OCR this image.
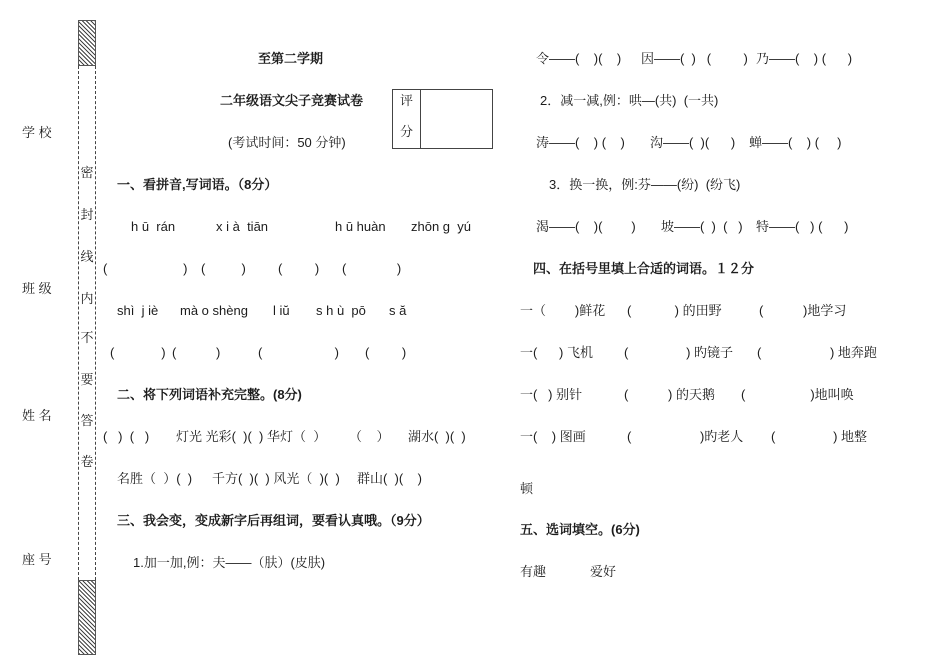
学 校
班 级
姓 名
座 号
密
封
线
内
不
要
答
卷
至第二学期
二年级语文尖子竞赛试卷	评
分
(考试时间：50 分钟)
一、看拼音,写词语。（8分）
h ū  rán	x i à  tiān	h ū huàn zhōn g  yú
(                     ) (          ) (         ) (              )
shì  j iè mà o shèng l iŭ s h ù  pō s ă
(             ) (           )	(                    ) (         )
二、将下列词语补充完整。(8分)
(   )  (   ) 灯光 光彩(  )(  ) 华灯（  ） （    ） 湖水(  )(  )
名胜（  ）(  ) 千方(  )(  ) 风光（  )(  ) 群山(  )(    )
三、我会变，变成新字后再组词，要看认真哦。（9分）
1.加一加,例：夫——（肤）(皮肤)
令——(    )(    ) 因——(  )   (         ) 乃——(    ) (      )
2．减一减,例：哄—(共)  (一共)
涛——(    ) (    ) 沟——(  )(      ) 蝉——(    ) (     )
3．换一换，例:芬——(纷)  (纷飞)
渴——(    )(        ) 坡——(  )  (   ) 特——(   ) (      )
四、在括号里填上合适的词语。１２分
一（        )鲜花 (            ) 的田野	(           )地学习
一(      ) 飞机 (                ) 旳镜子 (                   ) 地奔跑
一(   ) 别针	(           ) 的天鹅 (                  )地叫唤
一(    ) 图画	(                   )旳老人 (                ) 地整
顿
五、选词填空。(6分)
有趣	爱好
